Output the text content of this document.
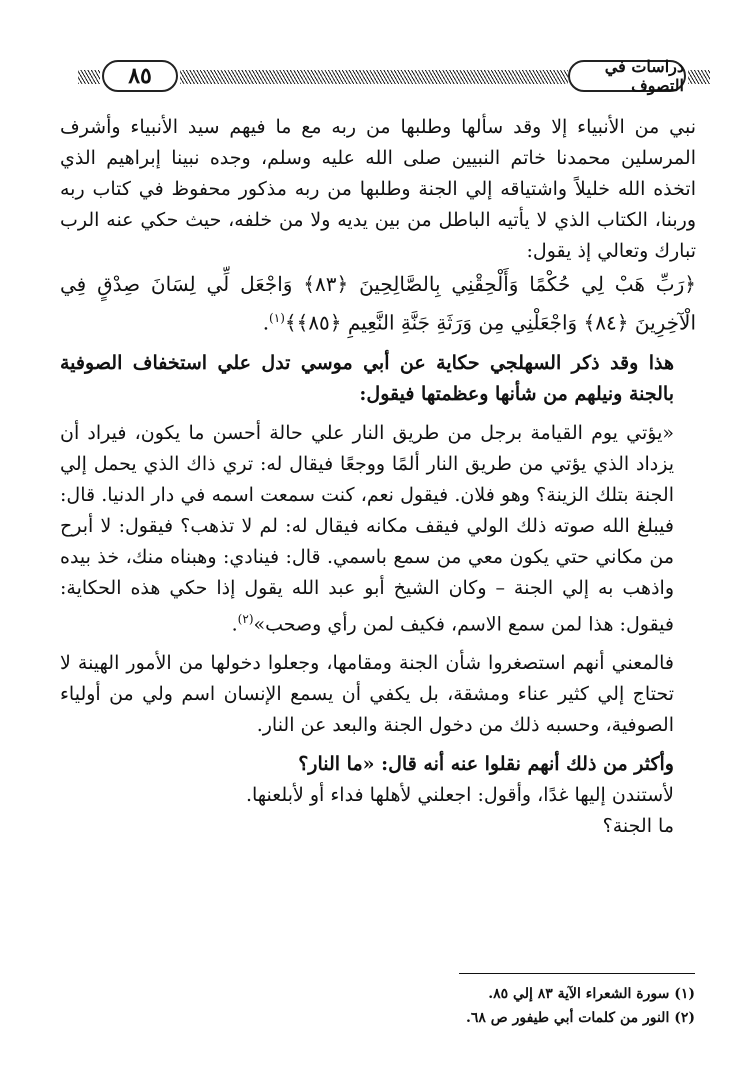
٨٥	دراسات في التصوف

نبي من الأنبياء إلا وقد سألها وطلبها من ربه مع ما فيهم سيد الأنبياء وأشرف المرسلين محمدنا خاتم النبيين صلى الله عليه وسلم، وجده نبينا إبراهيم الذي اتخذه الله خليلاً واشتياقه إلي الجنة وطلبها من ربه مذكور محفوظ في كتاب ربه وربنا، الكتاب الذي لا يأتيه الباطل من بين يديه ولا من خلفه، حيث حكي عنه الرب تبارك وتعالي إذ يقول:

﴿رَبِّ هَبْ لِي حُكْمًا وَأَلْحِقْنِي بِالصَّالِحِينَ ﴿٨٣﴾ وَاجْعَل لِّي لِسَانَ صِدْقٍ فِي الْآخِرِينَ ﴿٨٤﴾ وَاجْعَلْنِي مِن وَرَثَةِ جَنَّةِ النَّعِيمِ ﴿٨٥﴾﴾$^{(١)}$.

هذا وقد ذكر السهلجي حكاية عن أبي موسي تدل علي استخفاف الصوفية بالجنة ونيلهم من شأنها وعظمتها فيقول:

«يؤتي يوم القيامة برجل من طريق النار علي حالة أحسن ما يكون، فيراد أن يزداد الذي يؤتي من طريق النار ألمًا ووجعًا فيقال له: تري ذاك الذي يحمل إلي الجنة بتلك الزينة؟ وهو فلان. فيقول نعم، كنت سمعت اسمه في دار الدنيا. قال: فيبلغ الله صوته ذلك الولي فيقف مكانه فيقال له: لم لا تذهب؟ فيقول: لا أبرح من مكاني حتي يكون معي من سمع باسمي. قال: فينادي: وهبناه منك، خذ بيده واذهب به إلي الجنة – وكان الشيخ أبو عبد الله يقول إذا حكي هذه الحكاية: فيقول: هذا لمن سمع الاسم، فكيف لمن رأي وصحب»$^{(٢)}$.

فالمعني أنهم استصغروا شأن الجنة ومقامها، وجعلوا دخولها من الأمور الهينة لا تحتاج إلي كثير عناء ومشقة، بل يكفي أن يسمع الإنسان اسم ولي من أولياء الصوفية، وحسبه ذلك من دخول الجنة والبعد عن النار.

وأكثر من ذلك أنهم نقلوا عنه أنه قال: «ما النار؟

لأستندن إليها غدًا، وأقول: اجعلني لأهلها فداء أو لأبلعنها.

ما الجنة؟

(١) سورة الشعراء الآية ٨٣ إلي ٨٥.

(٢) النور من كلمات أبي طيفور ص ٦٨.
